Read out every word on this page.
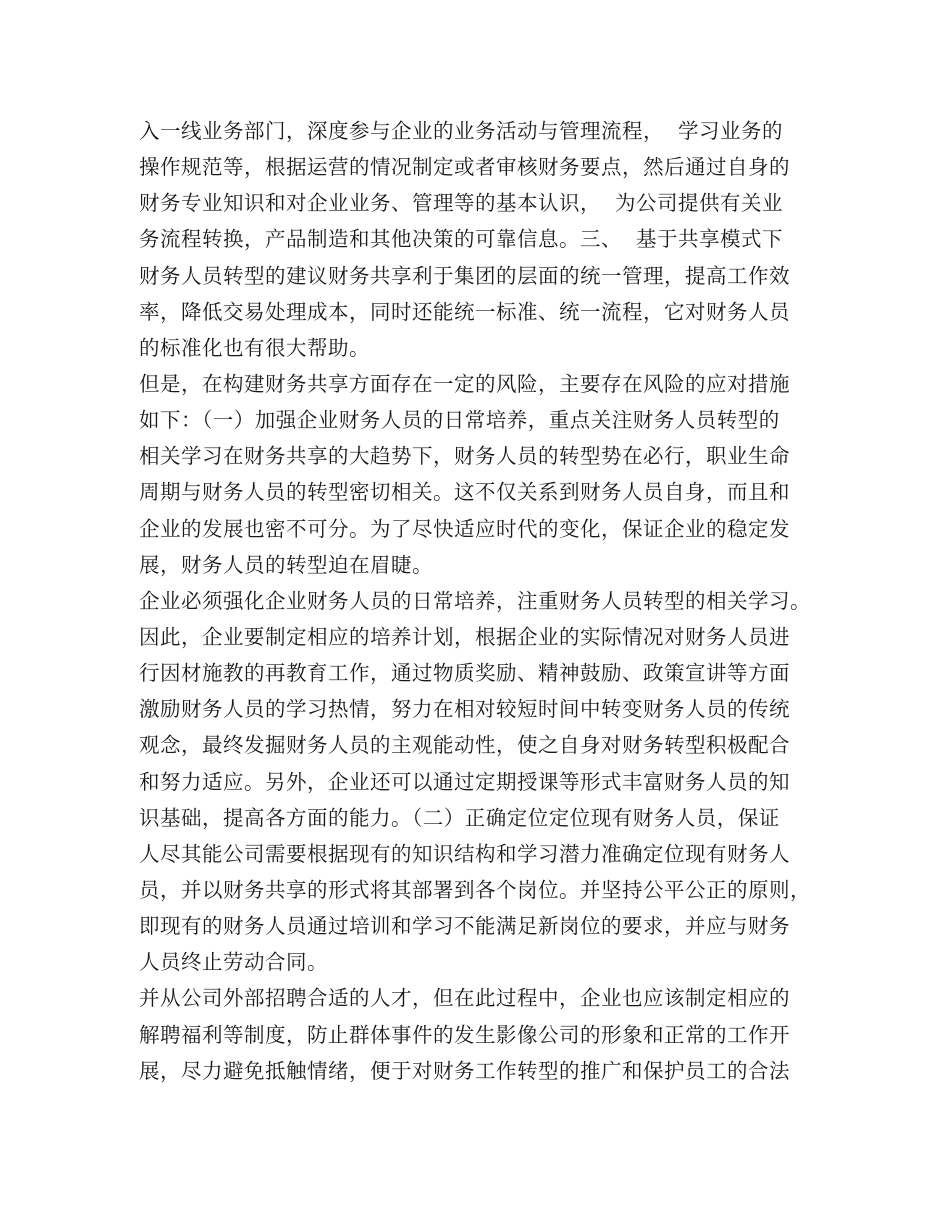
入一线业务部门，深度参与企业的业务活动与管理流程，  学习业务的
操作规范等，根据运营的情况制定或者审核财务要点，然后通过自身的
财务专业知识和对企业业务、管理等的基本认识，  为公司提供有关业
务流程转换，产品制造和其他决策的可靠信息。三、  基于共享模式下
财务人员转型的建议财务共享利于集团的层面的统一管理，提高工作效
率，降低交易处理成本，同时还能统一标准、统一流程，它对财务人员
的标准化也有很大帮助。
但是，在构建财务共享方面存在一定的风险，主要存在风险的应对措施
如下：（一）加强企业财务人员的日常培养，重点关注财务人员转型的
相关学习在财务共享的大趋势下，财务人员的转型势在必行，职业生命
周期与财务人员的转型密切相关。这不仅关系到财务人员自身，而且和
企业的发展也密不可分。为了尽快适应时代的变化，保证企业的稳定发
展，财务人员的转型迫在眉睫。
企业必须强化企业财务人员的日常培养，注重财务人员转型的相关学习。
因此，企业要制定相应的培养计划，根据企业的实际情况对财务人员进
行因材施教的再教育工作，通过物质奖励、精神鼓励、政策宣讲等方面
激励财务人员的学习热情，努力在相对较短时间中转变财务人员的传统
观念，最终发掘财务人员的主观能动性，使之自身对财务转型积极配合
和努力适应。另外，企业还可以通过定期授课等形式丰富财务人员的知
识基础，提高各方面的能力。（二）正确定位定位现有财务人员，保证
人尽其能公司需要根据现有的知识结构和学习潜力准确定位现有财务人
员，并以财务共享的形式将其部署到各个岗位。并坚持公平公正的原则，
即现有的财务人员通过培训和学习不能满足新岗位的要求，并应与财务
人员终止劳动合同。
并从公司外部招聘合适的人才，但在此过程中，企业也应该制定相应的
解聘福利等制度，防止群体事件的发生影像公司的形象和正常的工作开
展，尽力避免抵触情绪，便于对财务工作转型的推广和保护员工的合法
